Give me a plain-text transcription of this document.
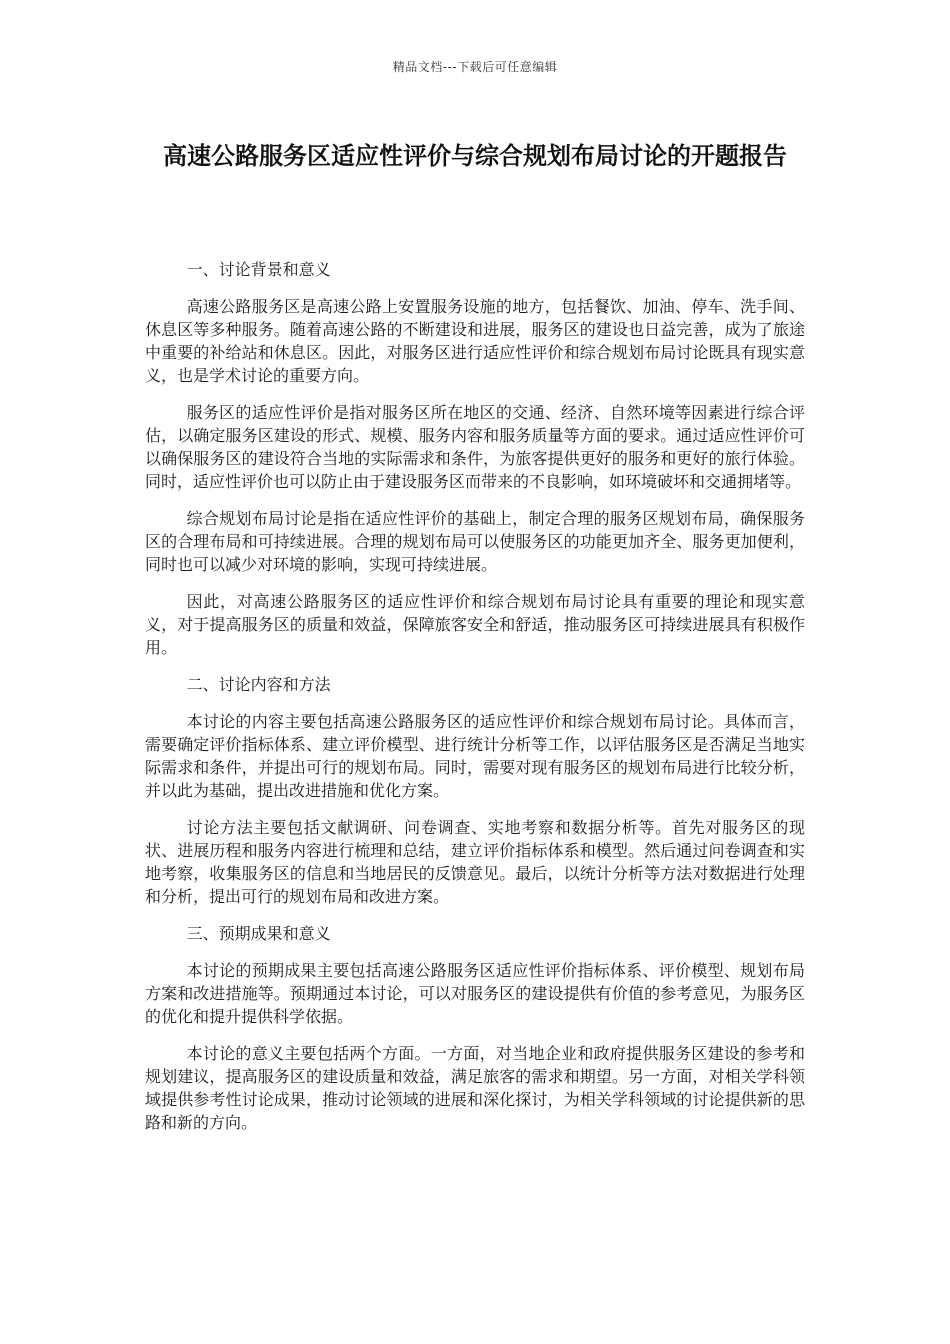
精品文档---下载后可任意编辑
高速公路服务区适应性评价与综合规划布局讨论的开题报告

一、讨论背景和意义

高速公路服务区是高速公路上安置服务设施的地方，包括餐饮、加油、停车、洗手间、休息区等多种服务。随着高速公路的不断建设和进展，服务区的建设也日益完善，成为了旅途中重要的补给站和休息区。因此，对服务区进行适应性评价和综合规划布局讨论既具有现实意义，也是学术讨论的重要方向。

服务区的适应性评价是指对服务区所在地区的交通、经济、自然环境等因素进行综合评估，以确定服务区建设的形式、规模、服务内容和服务质量等方面的要求。通过适应性评价可以确保服务区的建设符合当地的实际需求和条件，为旅客提供更好的服务和更好的旅行体验。同时，适应性评价也可以防止由于建设服务区而带来的不良影响，如环境破坏和交通拥堵等。

综合规划布局讨论是指在适应性评价的基础上，制定合理的服务区规划布局，确保服务区的合理布局和可持续进展。合理的规划布局可以使服务区的功能更加齐全、服务更加便利，同时也可以减少对环境的影响，实现可持续进展。

因此，对高速公路服务区的适应性评价和综合规划布局讨论具有重要的理论和现实意义，对于提高服务区的质量和效益，保障旅客安全和舒适，推动服务区可持续进展具有积极作用。

二、讨论内容和方法

本讨论的内容主要包括高速公路服务区的适应性评价和综合规划布局讨论。具体而言，需要确定评价指标体系、建立评价模型、进行统计分析等工作，以评估服务区是否满足当地实际需求和条件，并提出可行的规划布局。同时，需要对现有服务区的规划布局进行比较分析，并以此为基础，提出改进措施和优化方案。

讨论方法主要包括文献调研、问卷调查、实地考察和数据分析等。首先对服务区的现状、进展历程和服务内容进行梳理和总结，建立评价指标体系和模型。然后通过问卷调查和实地考察，收集服务区的信息和当地居民的反馈意见。最后，以统计分析等方法对数据进行处理和分析，提出可行的规划布局和改进方案。

三、预期成果和意义

本讨论的预期成果主要包括高速公路服务区适应性评价指标体系、评价模型、规划布局方案和改进措施等。预期通过本讨论，可以对服务区的建设提供有价值的参考意见，为服务区的优化和提升提供科学依据。

本讨论的意义主要包括两个方面。一方面，对当地企业和政府提供服务区建设的参考和规划建议，提高服务区的建设质量和效益，满足旅客的需求和期望。另一方面，对相关学科领域提供参考性讨论成果，推动讨论领域的进展和深化探讨，为相关学科领域的讨论提供新的思路和新的方向。
